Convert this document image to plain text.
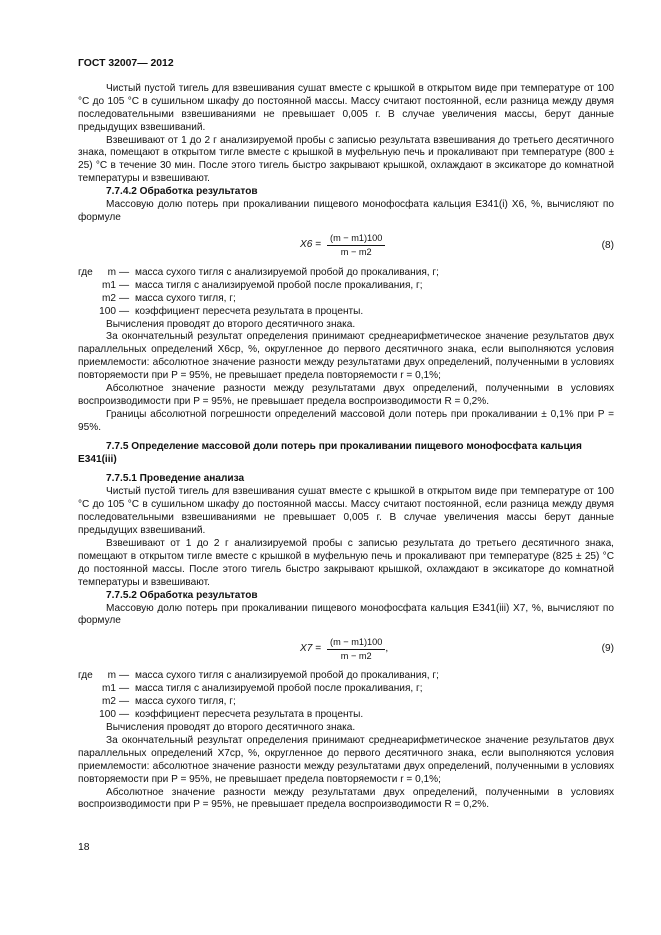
ГОСТ 32007— 2012

Чистый пустой тигель для взвешивания сушат вместе с крышкой в открытом виде при температуре от 100 °С до 105 °С в сушильном шкафу до постоянной массы. Массу считают постоянной, если разница между двумя последовательными взвешиваниями не превышает 0,005 г. В случае увеличения массы, берут данные предыдущих взвешиваний.

Взвешивают от 1 до 2 г анализируемой пробы с записью результата взвешивания до третьего десятичного знака, помещают в открытом тигле вместе с крышкой в муфельную печь и прокаливают при температуре (800 ± 25) °С в течение 30 мин. После этого тигель быстро закрывают крышкой, охлаждают в эксикаторе до комнатной температуры и взвешивают.

7.7.4.2 Обработка результатов

Массовую долю потерь при прокаливании пищевого монофосфата кальция Е341(i) X6, %, вычисляют по формуле

$X6 = \frac{(m - m1)100}{m - m2}$	(8)
где	m — масса сухого тигля с анализируемой пробой до прокаливания, г;
m1 — масса тигля с анализируемой пробой после прокаливания, г;
m2 — масса сухого тигля, г;
100 — коэффициент пересчета результата в проценты.

Вычисления проводят до второго десятичного знака.

За окончательный результат определения принимают среднеарифметическое значение результатов двух параллельных определений X6ср, %, округленное до первого десятичного знака, если выполняются условия приемлемости: абсолютное значение разности между результатами двух определений, полученными в условиях повторяемости при P = 95%, не превышает предела повторяемости r = 0,1%;

Абсолютное значение разности между результатами двух определений, полученными в условиях воспроизводимости при P = 95%, не превышает предела воспроизводимости R = 0,2%.

Границы абсолютной погрешности определений массовой доли потерь при прокаливании ± 0,1% при P = 95%.

7.7.5 Определение массовой доли потерь при прокаливании пищевого монофосфата кальция Е341(iii)
7.7.5.1 Проведение анализа

Чистый пустой тигель для взвешивания сушат вместе с крышкой в открытом виде при температуре от 100 °С до 105 °С в сушильном шкафу до постоянной массы. Массу считают постоянной, если разница между двумя последовательными взвешиваниями не превышает 0,005 г. В случае увеличения массы берут данные предыдущих взвешиваний.

Взвешивают от 1 до 2 г анализируемой пробы с записью результата до третьего десятичного знака, помещают в открытом тигле вместе с крышкой в муфельную печь и прокаливают при температуре (825 ± 25) °С до постоянной массы. После этого тигель быстро закрывают крышкой, охлаждают в эксикаторе до комнатной температуры и взвешивают.

7.7.5.2 Обработка результатов

Массовую долю потерь при прокаливании пищевого монофосфата кальция Е341(iii) X7, %, вычисляют по формуле

$X7 = \frac{(m - m1)100}{m - m2}$ ,	(9)
где	m — масса сухого тигля с анализируемой пробой до прокаливания, г;
m1 — масса тигля с анализируемой пробой после прокаливания, г;
m2 — масса сухого тигля, г;
100 — коэффициент пересчета результата в проценты.

Вычисления проводят до второго десятичного знака.

За окончательный результат определения принимают среднеарифметическое значение результатов двух параллельных определений X7ср, %, округленное до первого десятичного знака, если выполняются условия приемлемости: абсолютное значение разности между результатами двух определений, полученными в условиях повторяемости при P = 95%, не превышает предела повторяемости r = 0,1%;

Абсолютное значение разности между результатами двух определений, полученными в условиях воспроизводимости при P = 95%, не превышает предела воспроизводимости R = 0,2%.

18
